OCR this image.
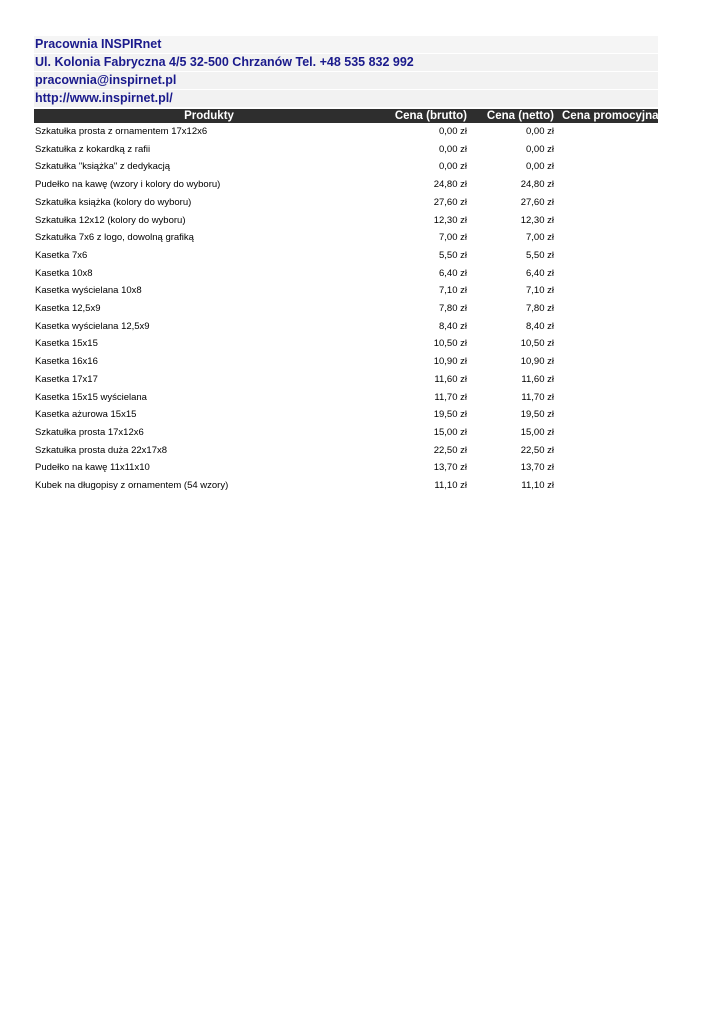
Pracownia INSPIRnet
Ul. Kolonia Fabryczna 4/5 32-500 Chrzanów Tel. +48 535 832 992
pracownia@inspirnet.pl
http://www.inspirnet.pl/
Produkty	Cena (brutto)	Cena (netto)	Cena promocyjna
Szkatułka prosta z ornamentem 17x12x6	0,00 zł	0,00 zł	
Szkatułka z kokardką z rafii	0,00 zł	0,00 zł	
Szkatułka "książka" z dedykacją	0,00 zł	0,00 zł	
Pudełko na kawę (wzory i kolory do wyboru)	24,80 zł	24,80 zł	
Szkatułka książka (kolory do wyboru)	27,60 zł	27,60 zł	
Szkatułka 12x12 (kolory do wyboru)	12,30 zł	12,30 zł	
Szkatułka 7x6 z logo, dowolną grafiką	7,00 zł	7,00 zł	
Kasetka 7x6	5,50 zł	5,50 zł	
Kasetka 10x8	6,40 zł	6,40 zł	
Kasetka wyścielana 10x8	7,10 zł	7,10 zł	
Kasetka 12,5x9	7,80 zł	7,80 zł	
Kasetka wyścielana 12,5x9	8,40 zł	8,40 zł	
Kasetka 15x15	10,50 zł	10,50 zł	
Kasetka 16x16	10,90 zł	10,90 zł	
Kasetka 17x17	11,60 zł	11,60 zł	
Kasetka 15x15 wyścielana	11,70 zł	11,70 zł	
Kasetka ażurowa 15x15	19,50 zł	19,50 zł	
Szkatułka prosta 17x12x6	15,00 zł	15,00 zł	
Szkatułka prosta duża 22x17x8	22,50 zł	22,50 zł	
Pudełko na kawę 11x11x10	13,70 zł	13,70 zł	
Kubek na długopisy z ornamentem (54 wzory)	11,10 zł	11,10 zł	
